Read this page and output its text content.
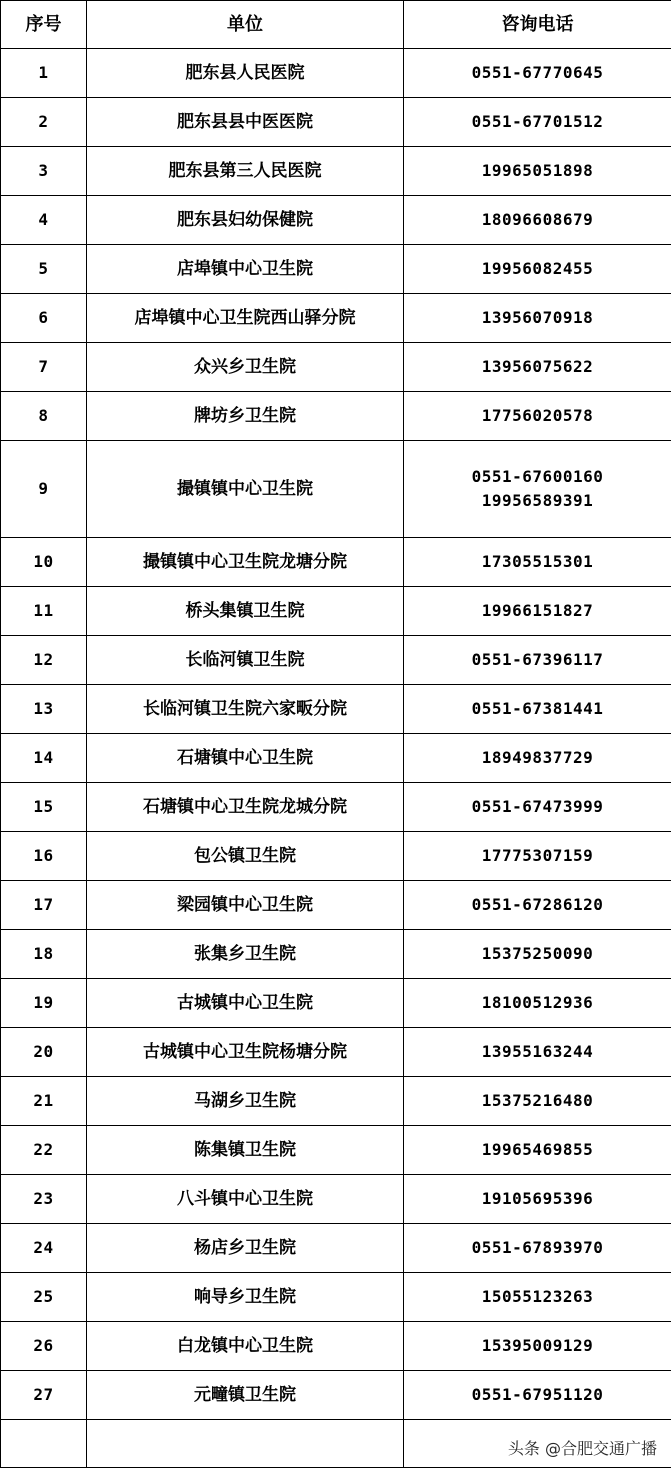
序号	单位	咨询电话
1	肥东县人民医院	0551-67770645

2	肥东县县中医医院	0551-67701512

3	肥东县第三人民医院	19965051898

4	肥东县妇幼保健院	18096608679

5	店埠镇中心卫生院	19956082455

6	店埠镇中心卫生院西山驿分院	13956070918

7	众兴乡卫生院	13956075622

8	牌坊乡卫生院	17756020578

9	撮镇镇中心卫生院	0551-67600160
19956589391

10	撮镇镇中心卫生院龙塘分院	17305515301

11	桥头集镇卫生院	19966151827

12	长临河镇卫生院	0551-67396117

13	长临河镇卫生院六家畈分院	0551-67381441

14	石塘镇中心卫生院	18949837729

15	石塘镇中心卫生院龙城分院	0551-67473999

16	包公镇卫生院	17775307159

17	梁园镇中心卫生院	0551-67286120

18	张集乡卫生院	15375250090

19	古城镇中心卫生院	18100512936

20	古城镇中心卫生院杨塘分院	13955163244

21	马湖乡卫生院	15375216480

22	陈集镇卫生院	19965469855

23	八斗镇中心卫生院	19105695396

24	杨店乡卫生院	0551-67893970

25	响导乡卫生院	15055123263

26	白龙镇中心卫生院	15395009129

27	元疃镇卫生院	0551-67951120

头条 @合肥交通广播
